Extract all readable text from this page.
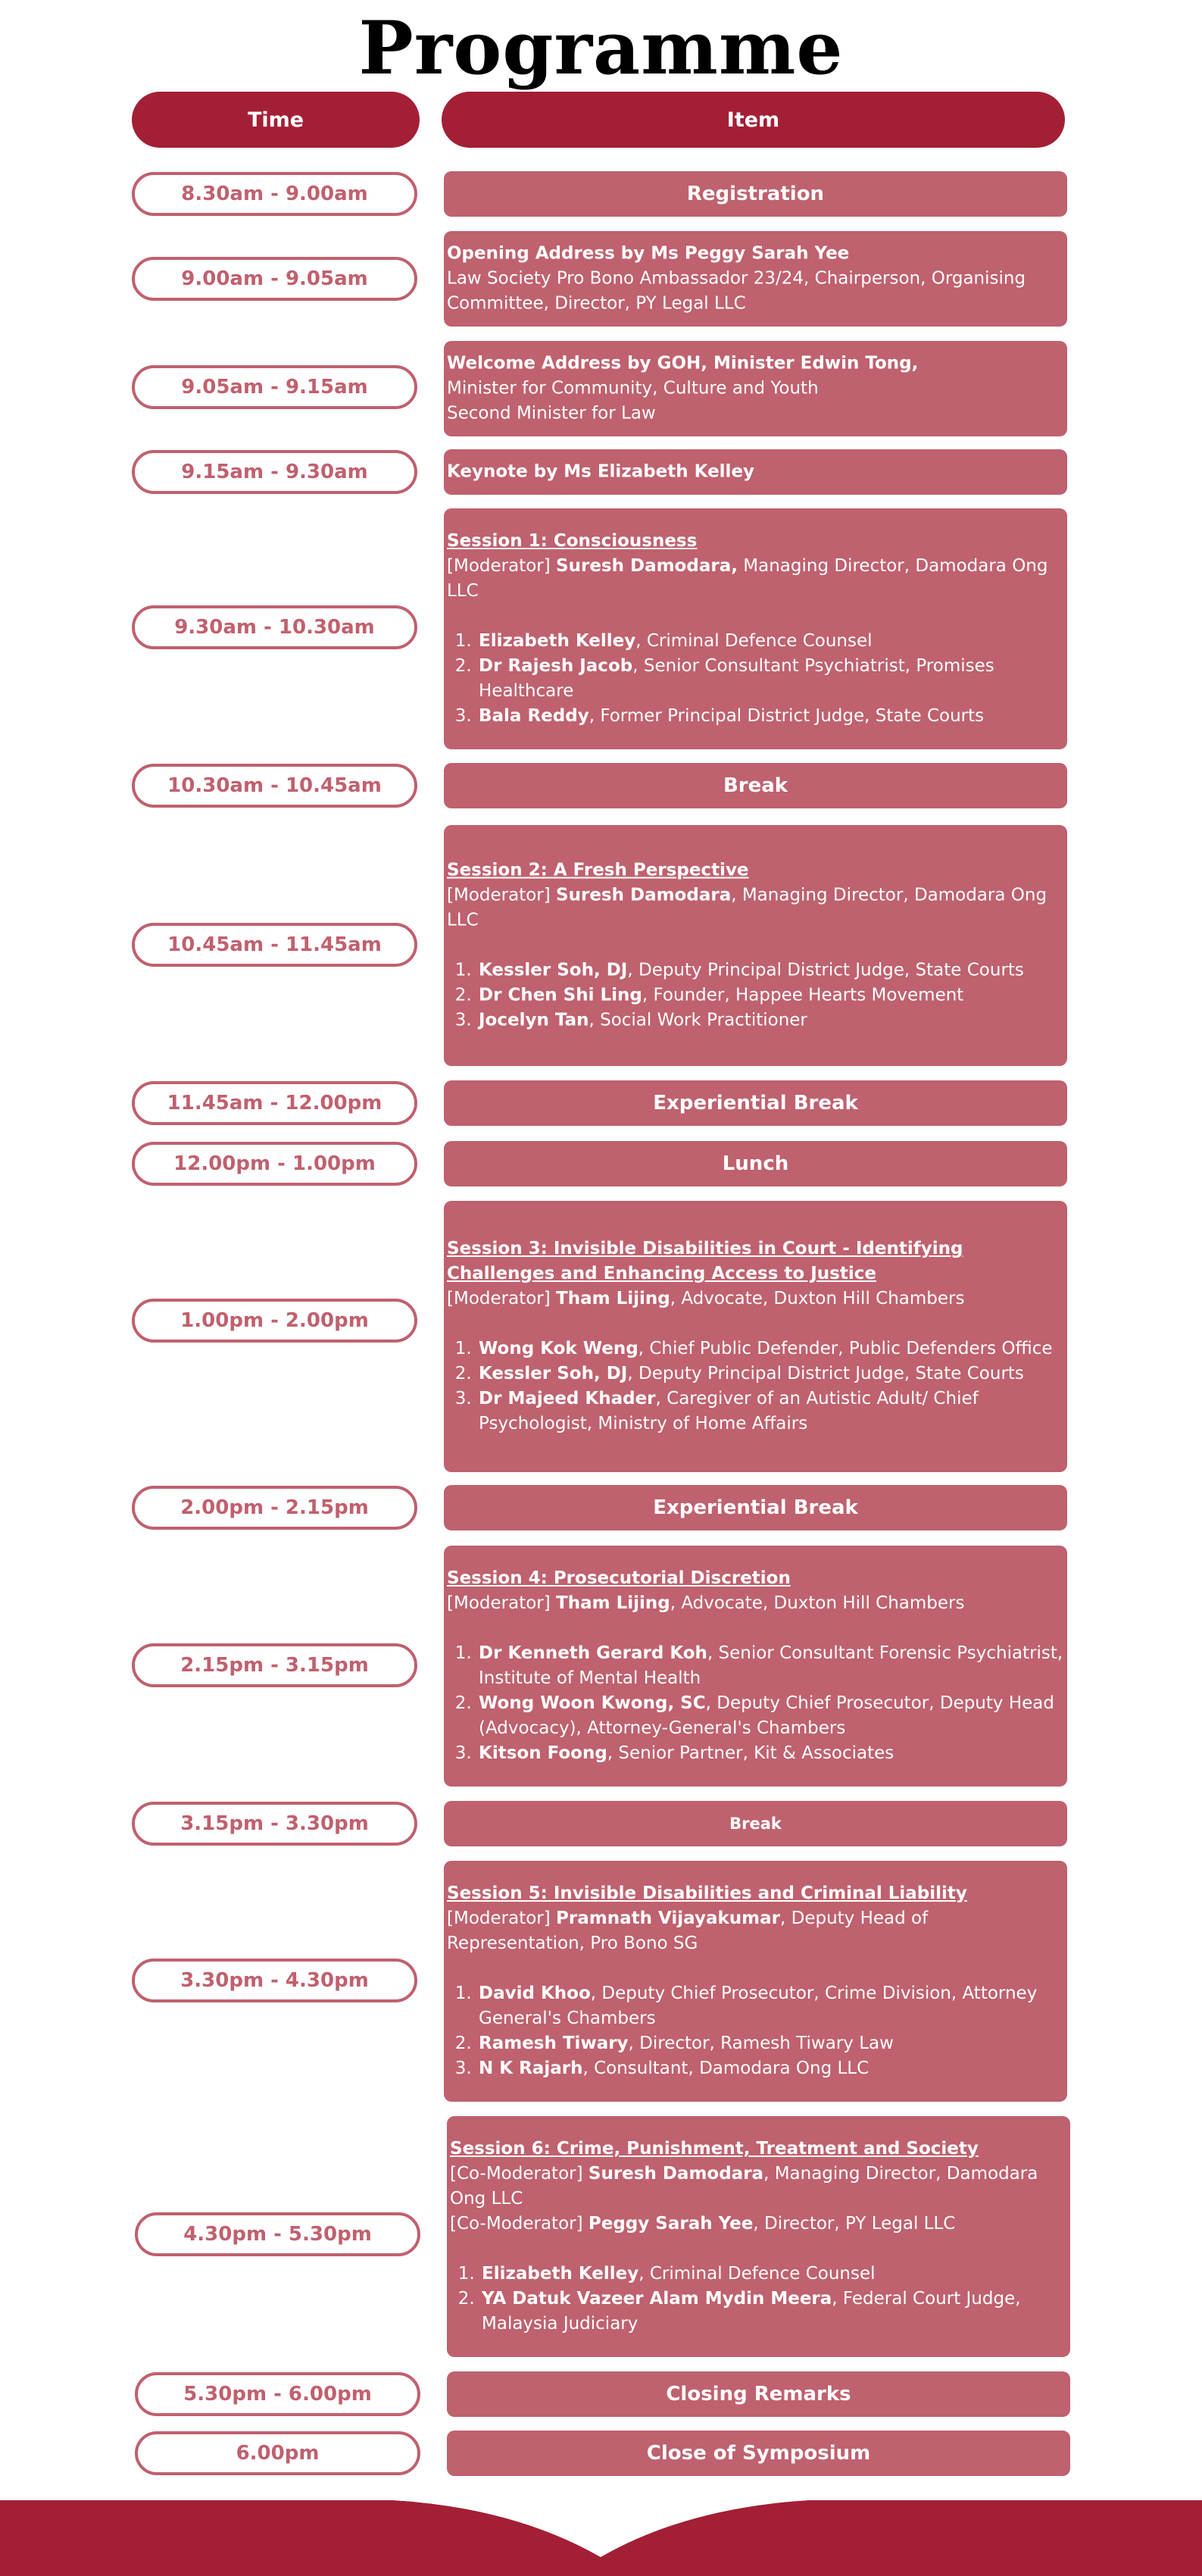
Programme
Time	Item
8.30am - 9.00am	Registration
9.00am - 9.05am
Opening Address by Ms Peggy Sarah Yee
Law Society Pro Bono Ambassador 23/24, Chairperson, Organising Committee, Director, PY Legal LLC
9.05am - 9.15am
Welcome Address by GOH, Minister Edwin Tong,
Minister for Community, Culture and Youth
Second Minister for Law
9.15am - 9.30am	Keynote by Ms Elizabeth Kelley
9.30am - 10.30am
Session 1: Consciousness
[Moderator] Suresh Damodara, Managing Director, Damodara Ong LLC
1. Elizabeth Kelley, Criminal Defence Counsel
2. Dr Rajesh Jacob, Senior Consultant Psychiatrist, Promises Healthcare
3. Bala Reddy, Former Principal District Judge, State Courts
10.30am - 10.45am	Break
10.45am - 11.45am
Session 2: A Fresh Perspective
[Moderator] Suresh Damodara, Managing Director, Damodara Ong LLC
1. Kessler Soh, DJ, Deputy Principal District Judge, State Courts
2. Dr Chen Shi Ling, Founder, Happee Hearts Movement
3. Jocelyn Tan, Social Work Practitioner
11.45am - 12.00pm	Experiential Break
12.00pm - 1.00pm	Lunch
1.00pm - 2.00pm
Session 3: Invisible Disabilities in Court - Identifying Challenges and Enhancing Access to Justice
[Moderator] Tham Lijing, Advocate, Duxton Hill Chambers
1. Wong Kok Weng, Chief Public Defender, Public Defenders Office
2. Kessler Soh, DJ, Deputy Principal District Judge, State Courts
3. Dr Majeed Khader, Caregiver of an Autistic Adult/ Chief Psychologist, Ministry of Home Affairs
2.00pm - 2.15pm	Experiential Break
2.15pm - 3.15pm
Session 4: Prosecutorial Discretion
[Moderator] Tham Lijing, Advocate, Duxton Hill Chambers
1. Dr Kenneth Gerard Koh, Senior Consultant Forensic Psychiatrist, Institute of Mental Health
2. Wong Woon Kwong, SC, Deputy Chief Prosecutor, Deputy Head (Advocacy), Attorney-General's Chambers
3. Kitson Foong, Senior Partner, Kit & Associates
3.15pm - 3.30pm	Break
3.30pm - 4.30pm
Session 5: Invisible Disabilities and Criminal Liability
[Moderator] Pramnath Vijayakumar, Deputy Head of Representation, Pro Bono SG
1. David Khoo, Deputy Chief Prosecutor, Crime Division, Attorney General's Chambers
2. Ramesh Tiwary, Director, Ramesh Tiwary Law
3. N K Rajarh, Consultant, Damodara Ong LLC
4.30pm - 5.30pm
Session 6: Crime, Punishment, Treatment and Society
[Co-Moderator] Suresh Damodara, Managing Director, Damodara Ong LLC
[Co-Moderator] Peggy Sarah Yee, Director, PY Legal LLC
1. Elizabeth Kelley, Criminal Defence Counsel
2. YA Datuk Vazeer Alam Mydin Meera, Federal Court Judge, Malaysia Judiciary
5.30pm - 6.00pm	Closing Remarks
6.00pm	Close of Symposium
